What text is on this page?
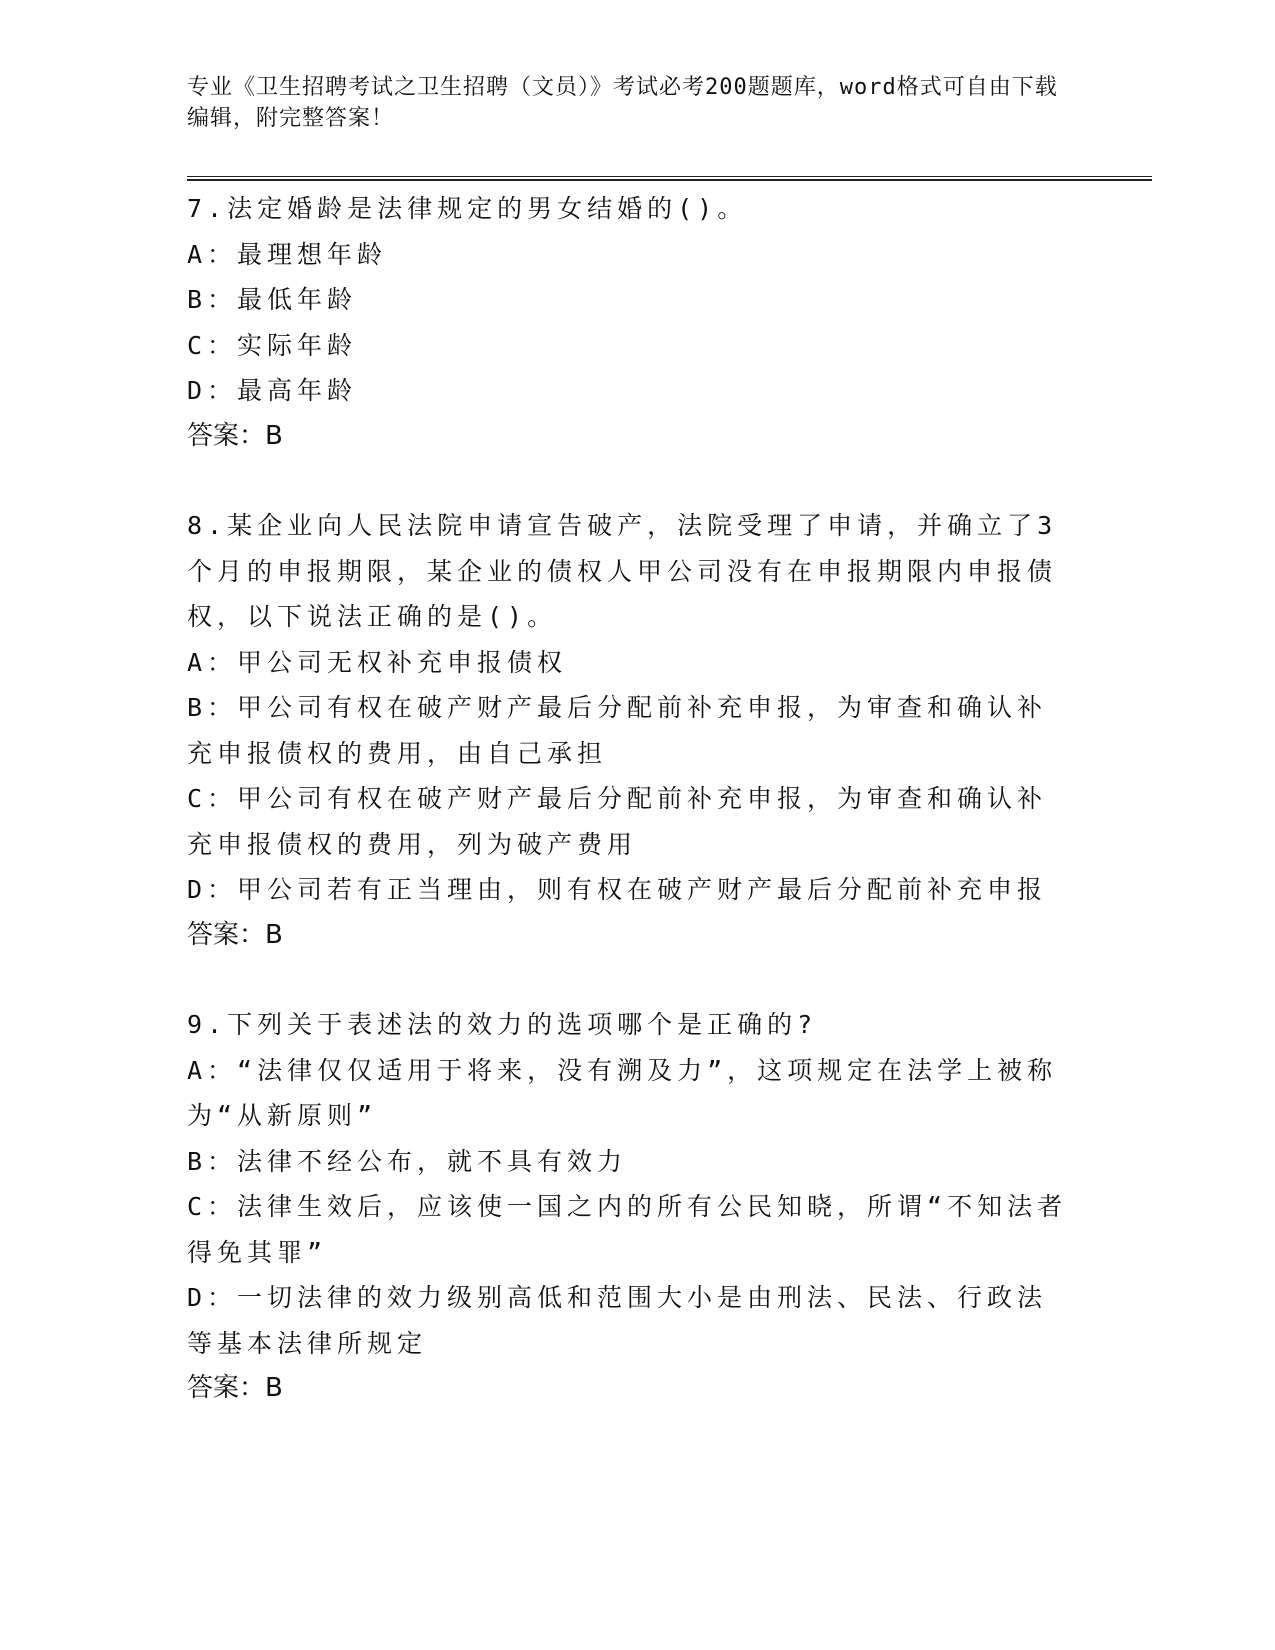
专业《卫生招聘考试之卫生招聘（文员）》考试必考200题题库，word格式可自由下载编辑，附完整答案！
7.法定婚龄是法律规定的男女结婚的()。
A：最理想年龄
B：最低年龄
C：实际年龄
D：最高年龄
答案：B
8.某企业向人民法院申请宣告破产，法院受理了申请，并确立了3个月的申报期限，某企业的债权人甲公司没有在申报期限内申报债权，以下说法正确的是()。
A：甲公司无权补充申报债权
B：甲公司有权在破产财产最后分配前补充申报，为审查和确认补充申报债权的费用，由自己承担
C：甲公司有权在破产财产最后分配前补充申报，为审查和确认补充申报债权的费用，列为破产费用
D：甲公司若有正当理由，则有权在破产财产最后分配前补充申报
答案：B
9.下列关于表述法的效力的选项哪个是正确的?
A：“法律仅仅适用于将来，没有溯及力”，这项规定在法学上被称为“从新原则”
B：法律不经公布，就不具有效力
C：法律生效后，应该使一国之内的所有公民知晓，所谓“不知法者得免其罪”
D：一切法律的效力级别高低和范围大小是由刑法、民法、行政法等基本法律所规定
答案：B
